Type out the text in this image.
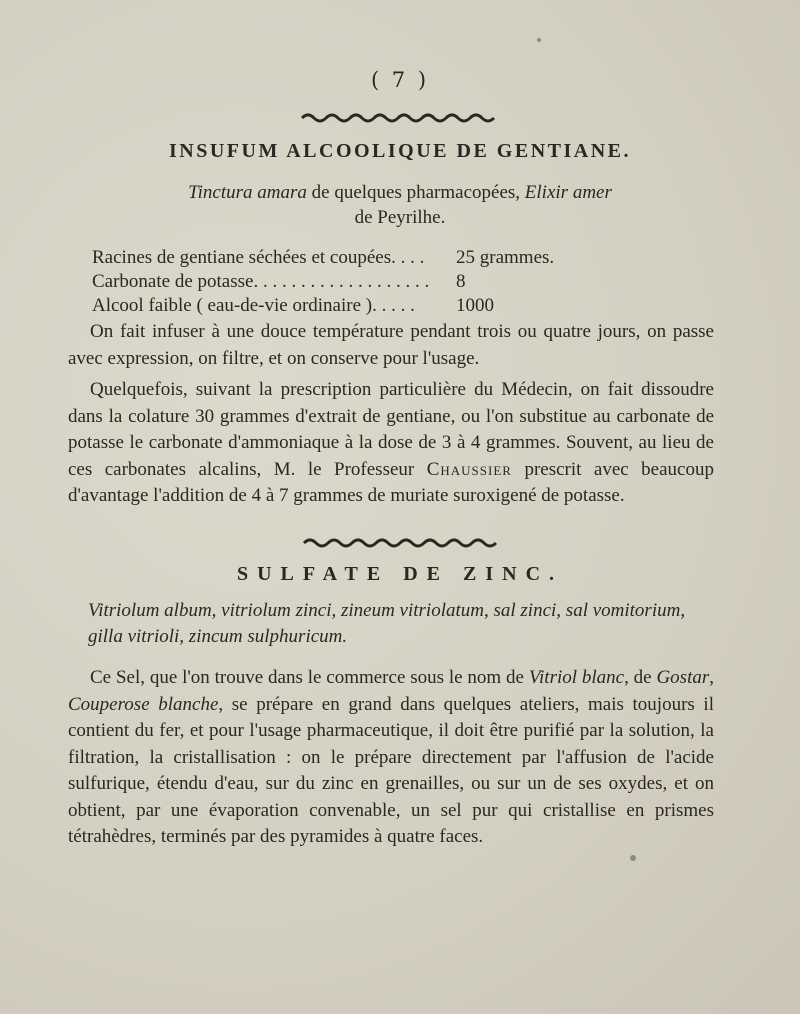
( 7 )
INSUFUM ALCOOLIQUE DE GENTIANE.
Tinctura amara de quelques pharmacopées, Elixir amer
de Peyrilhe.
Racines de gentiane séchées et coupées. . . . 25 grammes.
Carbonate de potasse. . . . . . . . . . . . . . . . . . . 8
Alcool faible ( eau-de-vie ordinaire ). . . . . 1000

On fait infuser à une douce température pendant trois ou quatre jours, on passe avec expression, on filtre, et on conserve pour l'usage.

Quelquefois, suivant la prescription particulière du Médecin, on fait dissoudre dans la colature 30 grammes d'extrait de gentiane, ou l'on substitue au carbonate de potasse le carbonate d'ammoniaque à la dose de 3 à 4 grammes. Souvent, au lieu de ces carbonates alcalins, M. le Professeur Chaussier prescrit avec beaucoup d'avantage l'addition de 4 à 7 grammes de muriate suroxigené de potasse.

SULFATE DE ZINC.
Vitriolum album, vitriolum zinci, zineum vitriolatum, sal zinci, sal vomitorium, gilla vitrioli, zincum sulphuricum.

Ce Sel, que l'on trouve dans le commerce sous le nom de Vitriol blanc, de Gostar, Couperose blanche, se prépare en grand dans quelques ateliers, mais toujours il contient du fer, et pour l'usage pharmaceutique, il doit être purifié par la solution, la filtration, la cristallisation : on le prépare directement par l'affusion de l'acide sulfurique, étendu d'eau, sur du zinc en grenailles, ou sur un de ses oxydes, et on obtient, par une évaporation convenable, un sel pur qui cristallise en prismes tétrahèdres, terminés par des pyramides à quatre faces.
